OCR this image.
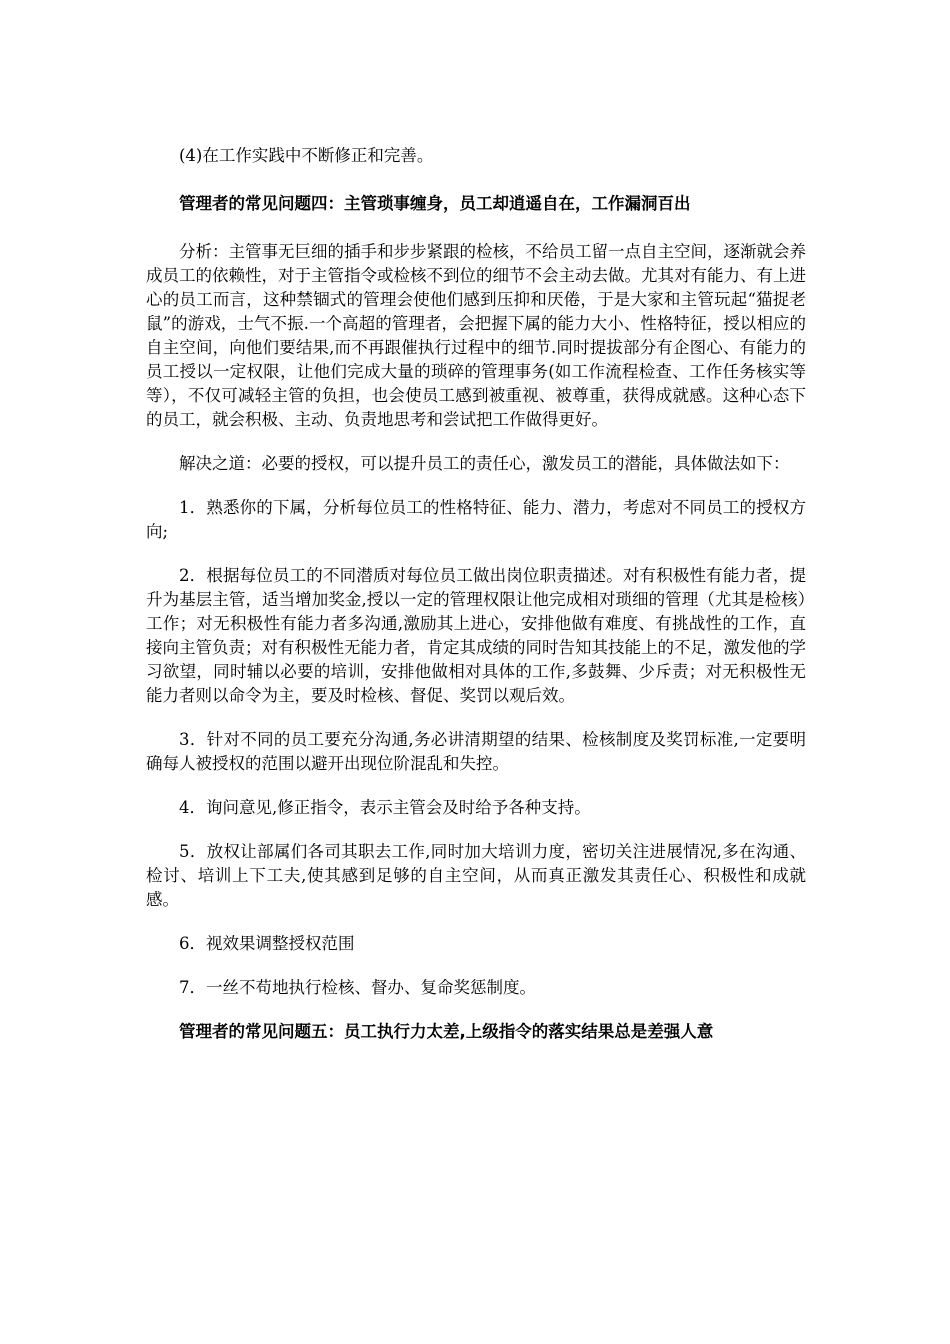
(4)在工作实践中不断修正和完善。

管理者的常见问题四：主管琐事缠身，员工却逍遥自在，工作漏洞百出

分析：主管事无巨细的插手和步步紧跟的检核，不给员工留一点自主空间，逐渐就会养成员工的依赖性，对于主管指令或检核不到位的细节不会主动去做。尤其对有能力、有上进心的员工而言，这种禁锢式的管理会使他们感到压抑和厌倦，于是大家和主管玩起“猫捉老鼠”的游戏，士气不振.一个高超的管理者，会把握下属的能力大小、性格特征，授以相应的自主空间，向他们要结果,而不再跟催执行过程中的细节.同时提拔部分有企图心、有能力的员工授以一定权限，让他们完成大量的琐碎的管理事务(如工作流程检查、工作任务核实等等），不仅可减轻主管的负担，也会使员工感到被重视、被尊重，获得成就感。这种心态下的员工，就会积极、主动、负责地思考和尝试把工作做得更好。

解决之道：必要的授权，可以提升员工的责任心，激发员工的潜能，具体做法如下：

1．熟悉你的下属，分析每位员工的性格特征、能力、潜力，考虑对不同员工的授权方向;

2．根据每位员工的不同潜质对每位员工做出岗位职责描述。对有积极性有能力者，提升为基层主管，适当增加奖金,授以一定的管理权限让他完成相对琐细的管理（尤其是检核）工作；对无积极性有能力者多沟通,激励其上进心，安排他做有难度、有挑战性的工作，直接向主管负责；对有积极性无能力者，肯定其成绩的同时告知其技能上的不足，激发他的学习欲望，同时辅以必要的培训，安排他做相对具体的工作,多鼓舞、少斥责；对无积极性无能力者则以命令为主，要及时检核、督促、奖罚以观后效。

3．针对不同的员工要充分沟通,务必讲清期望的结果、检核制度及奖罚标准,一定要明确每人被授权的范围以避开出现位阶混乱和失控。

4．询问意见,修正指令，表示主管会及时给予各种支持。

5．放权让部属们各司其职去工作,同时加大培训力度，密切关注进展情况,多在沟通、检讨、培训上下工夫,使其感到足够的自主空间，从而真正激发其责任心、积极性和成就感。

6．视效果调整授权范围

7．一丝不苟地执行检核、督办、复命奖惩制度。

管理者的常见问题五：员工执行力太差,上级指令的落实结果总是差强人意
